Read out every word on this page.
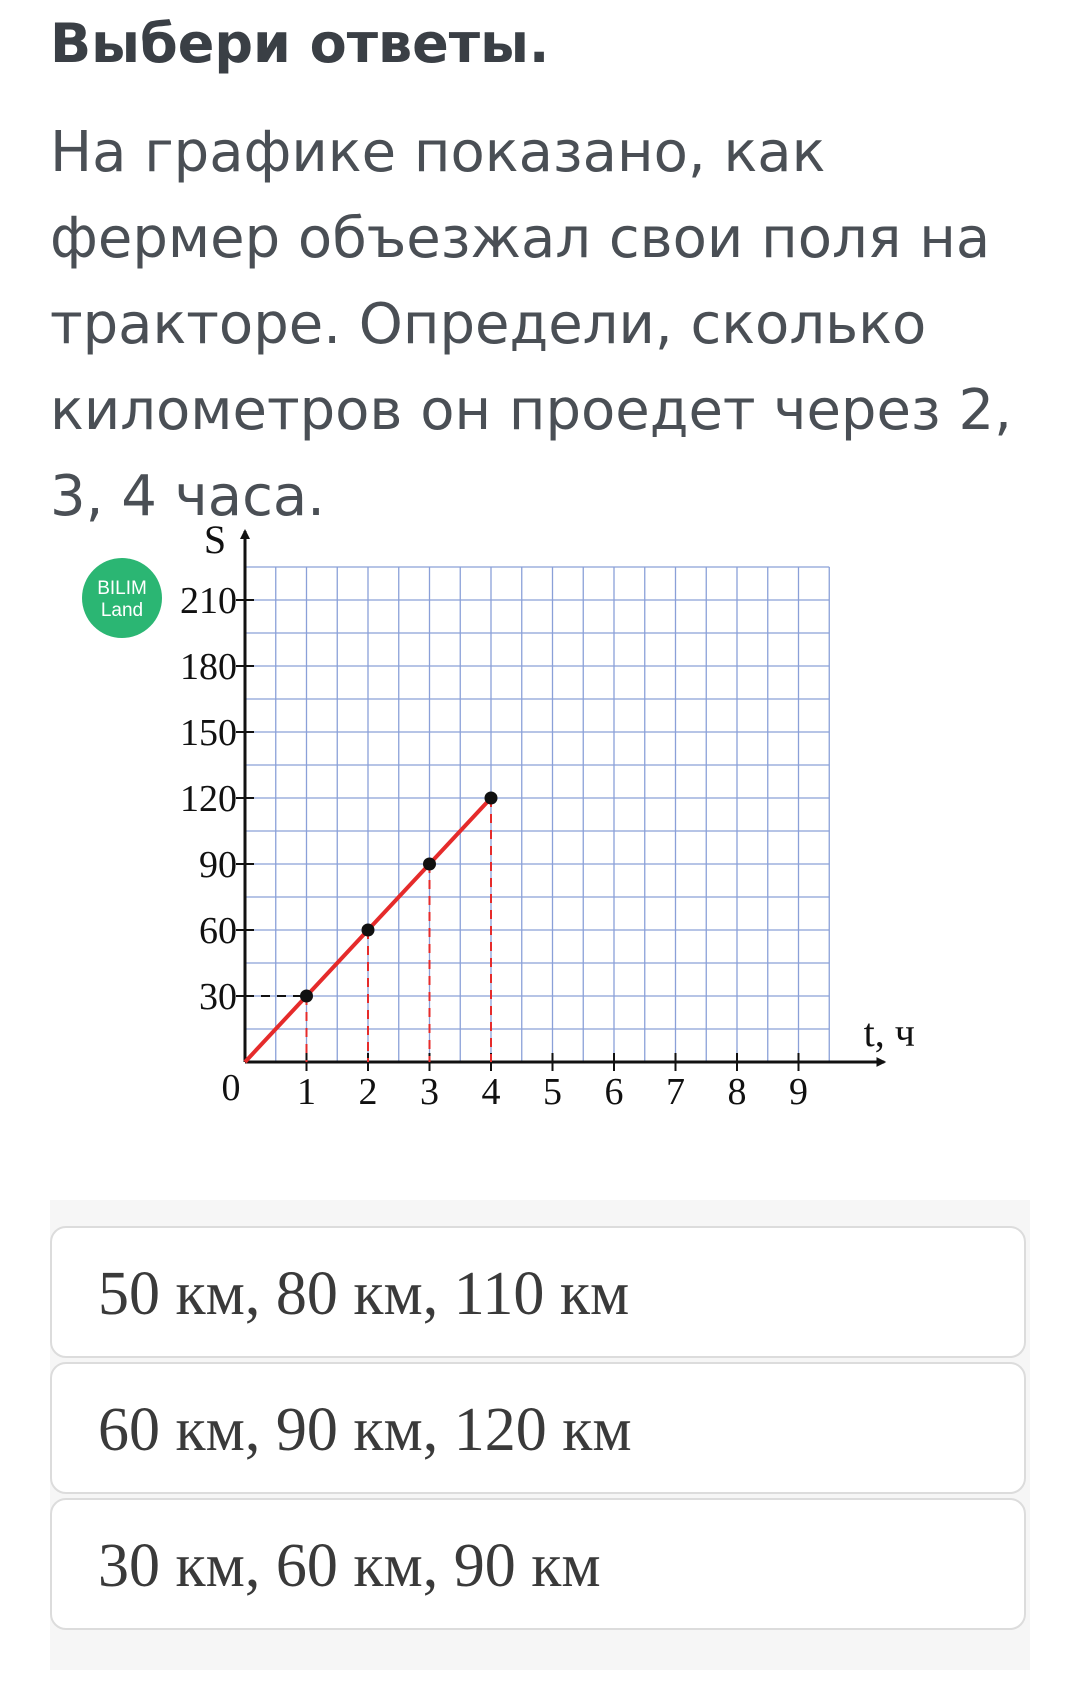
Выбери ответы.

На графике показано, как фермер объезжал свои поля на тракторе. Определи, сколько километров он проедет через 2, 3, 4 часа.

BILIM
Land
1 2 3 4 5 6 7 8 9
30
60
90
120
150
180
210
0
S
t, ч
50 км, 80 км, 110 км
60 км, 90 км, 120 км
30 км, 60 км, 90 км
